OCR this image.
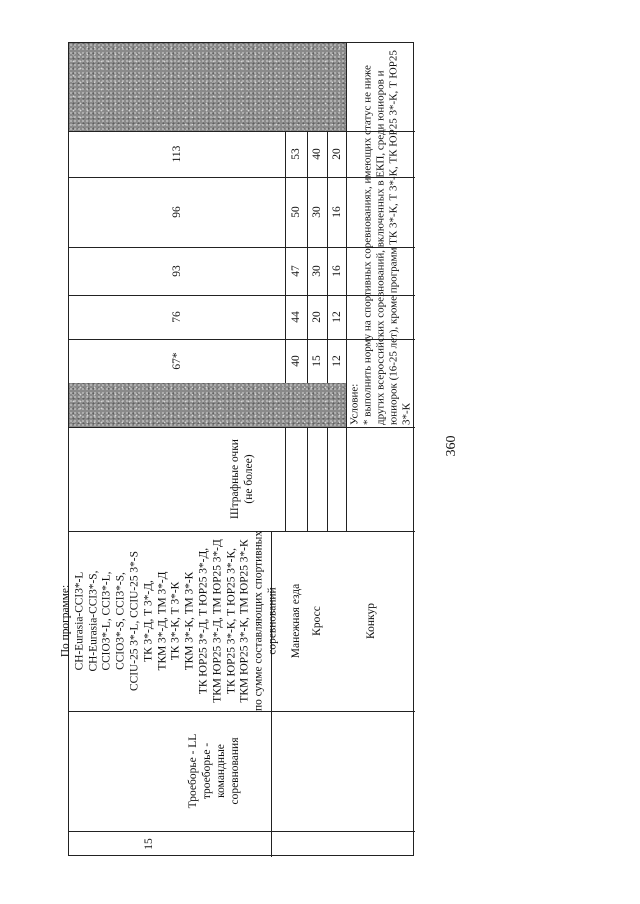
360
Условие: * выполнить норму на спортивных соревнованиях, имеющих статус не ниже других всероссийских соревнований, включенных в ЕКП, среди юниоров и юниорок (16-25 лет), кроме программ ТК 3*-К, Т 3*-К, ТК ЮР25 3*-К, Т ЮР25 3*-К
67*
76
93
96
113
40
44
47
50
53
15
20
30
30
40
12
12
16
16
20
Штрафные очки (не более)
По программе: CH-Eurasia-CCI3*-L CH-Eurasia-CCI3*-S, CCIO3*-L, CCI3*-L, CCIO3*-S, CCI3*-S, CCIU-25 3*-L, CCIU-25 3*-S ТК 3*-Д, Т 3*-Д, ТКМ 3*-Д, ТМ 3*-Д ТК 3*-К, Т 3*-К ТКМ 3*-К, ТМ 3*-К ТК ЮР25 3*-Д, Т ЮР25 3*-Д, ТКМ ЮР25 3*-Д, ТМ ЮР25 3*-Д ТК ЮР25 3*-К, Т ЮР25 3*-К, ТКМ ЮР25 3*-К, ТМ ЮР25 3*-К по сумме составляющих спортивных соревнований Манежная езда Кросс	Конкур
Троеборье - LL троеборье - командные соревнования
15
